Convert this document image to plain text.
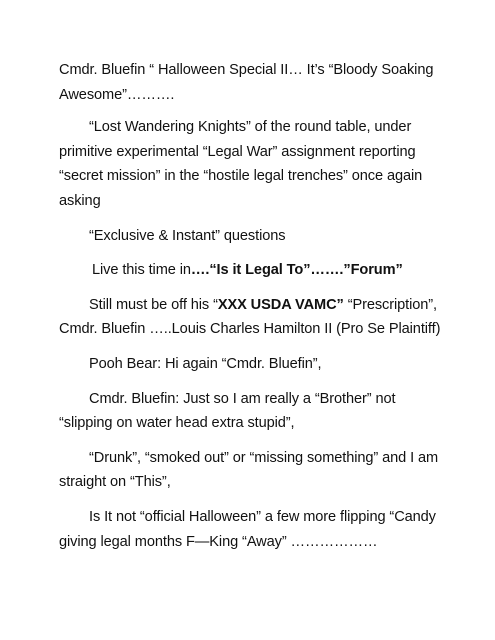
Cmdr. Bluefin “ Halloween Special II… It’s “Bloody Soaking Awesome”……….

“Lost Wandering Knights” of the round table, under primitive experimental “Legal War” assignment reporting “secret mission” in the “hostile legal trenches” once again asking

“Exclusive & Instant” questions

Live this time in….“Is it Legal To”…….”Forum”

Still must be off his “XXX USDA VAMC” “Prescription”, Cmdr. Bluefin …..Louis Charles Hamilton II (Pro Se Plaintiff)

Pooh Bear: Hi again “Cmdr. Bluefin”,

Cmdr. Bluefin: Just so I am really a “Brother” not “slipping on water head extra stupid”,

“Drunk”, “smoked out” or “missing something” and I am straight on “This”,

Is It not “official Halloween” a few more flipping “Candy giving legal months F—King “Away” ………………
